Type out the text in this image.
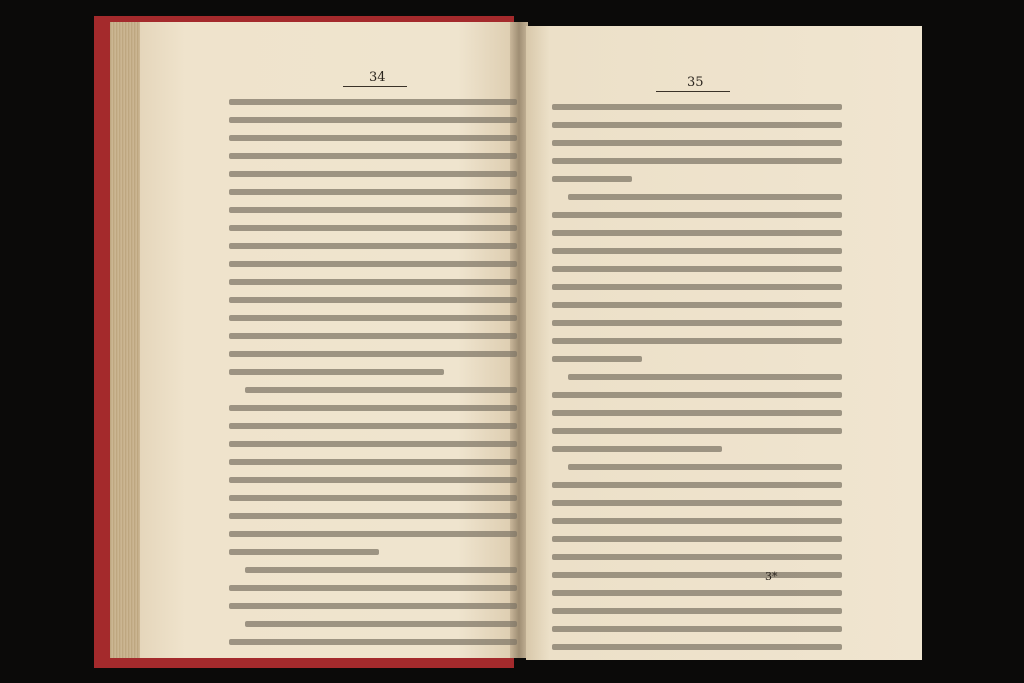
34	35
3*
